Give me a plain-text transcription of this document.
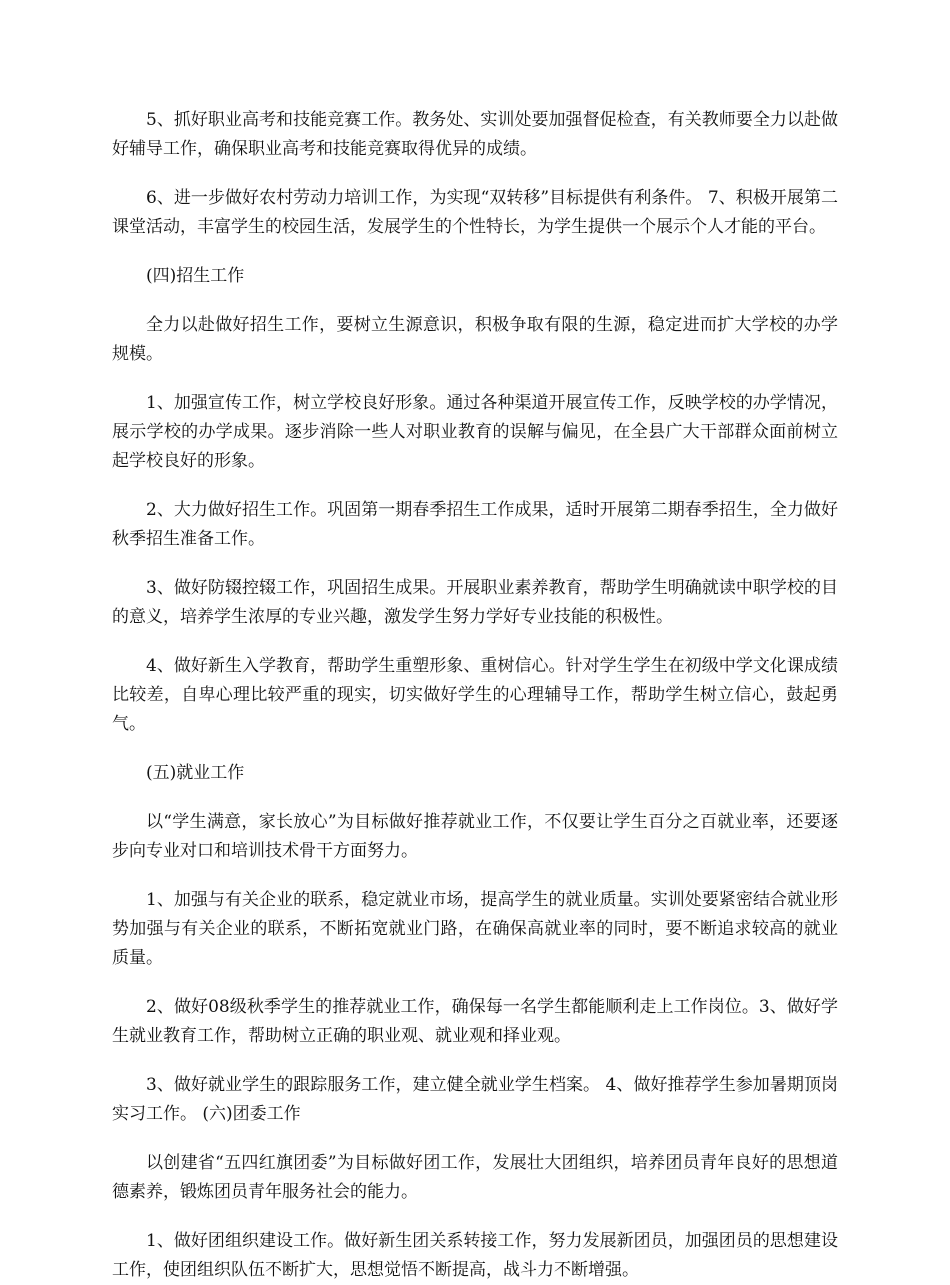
5、抓好职业高考和技能竞赛工作。教务处、实训处要加强督促检查，有关教师要全力以赴做好辅导工作，确保职业高考和技能竞赛取得优异的成绩。

6、进一步做好农村劳动力培训工作，为实现“双转移”目标提供有利条件。 7、积极开展第二课堂活动，丰富学生的校园生活，发展学生的个性特长，为学生提供一个展示个人才能的平台。

(四)招生工作

全力以赴做好招生工作，要树立生源意识，积极争取有限的生源，稳定进而扩大学校的办学规模。

1、加强宣传工作，树立学校良好形象。通过各种渠道开展宣传工作，反映学校的办学情况，展示学校的办学成果。逐步消除一些人对职业教育的误解与偏见，在全县广大干部群众面前树立起学校良好的形象。

2、大力做好招生工作。巩固第一期春季招生工作成果，适时开展第二期春季招生，全力做好秋季招生准备工作。

3、做好防辍控辍工作，巩固招生成果。开展职业素养教育，帮助学生明确就读中职学校的目的意义，培养学生浓厚的专业兴趣，激发学生努力学好专业技能的积极性。

4、做好新生入学教育，帮助学生重塑形象、重树信心。针对学生学生在初级中学文化课成绩比较差，自卑心理比较严重的现实，切实做好学生的心理辅导工作，帮助学生树立信心，鼓起勇气。

(五)就业工作

以“学生满意，家长放心”为目标做好推荐就业工作，不仅要让学生百分之百就业率，还要逐步向专业对口和培训技术骨干方面努力。

1、加强与有关企业的联系，稳定就业市场，提高学生的就业质量。实训处要紧密结合就业形势加强与有关企业的联系，不断拓宽就业门路，在确保高就业率的同时，要不断追求较高的就业质量。

2、做好08级秋季学生的推荐就业工作，确保每一名学生都能顺利走上工作岗位。3、做好学生就业教育工作，帮助树立正确的职业观、就业观和择业观。

3、做好就业学生的跟踪服务工作，建立健全就业学生档案。 4、做好推荐学生参加暑期顶岗实习工作。 (六)团委工作

以创建省“五四红旗团委”为目标做好团工作，发展壮大团组织，培养团员青年良好的思想道德素养，锻炼团员青年服务社会的能力。

1、做好团组织建设工作。做好新生团关系转接工作，努力发展新团员，加强团员的思想建设工作，使团组织队伍不断扩大，思想觉悟不断提高，战斗力不断增强。
